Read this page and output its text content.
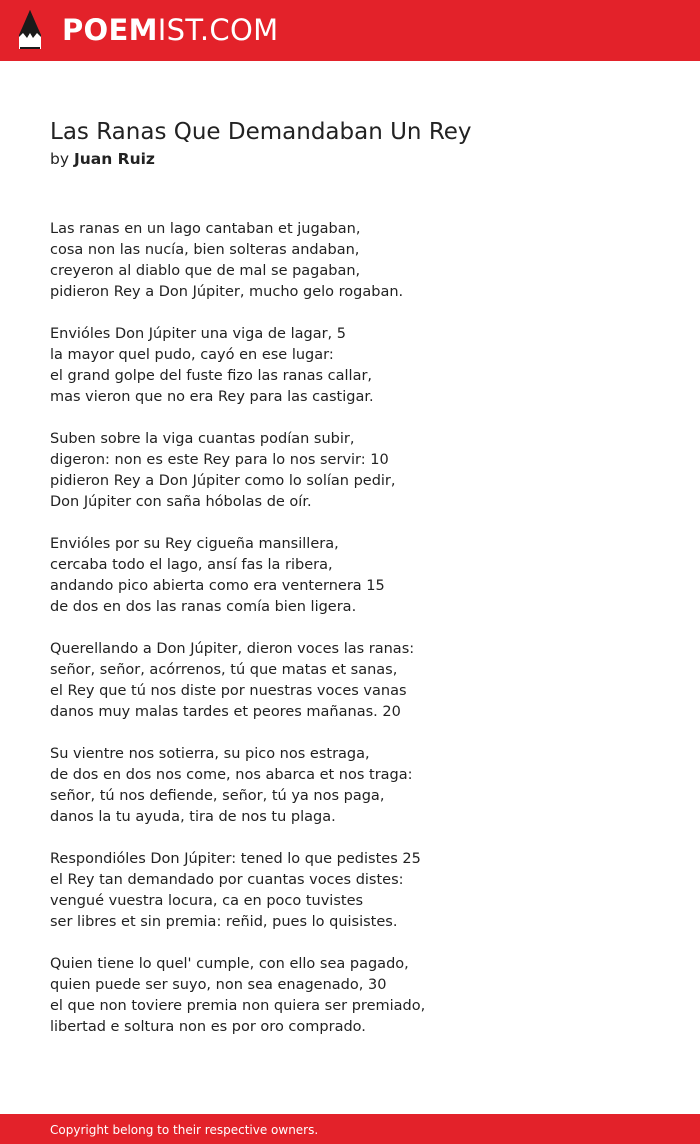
POEMIST.COM
Las Ranas Que Demandaban Un Rey
by Juan Ruiz
Las ranas en un lago cantaban et jugaban,
cosa non las nucía, bien solteras andaban,
creyeron al diablo que de mal se pagaban,
pidieron Rey a Don Júpiter, mucho gelo rogaban.
Envióles Don Júpiter una viga de lagar, 5
la mayor quel pudo, cayó en ese lugar:
el grand golpe del fuste fizo las ranas callar,
mas vieron que no era Rey para las castigar.
Suben sobre la viga cuantas podían subir,
digeron: non es este Rey para lo nos servir: 10
pidieron Rey a Don Júpiter como lo solían pedir,
Don Júpiter con saña hóbolas de oír.
Envióles por su Rey cigueña mansillera,
cercaba todo el lago, ansí fas la ribera,
andando pico abierta como era venternera 15
de dos en dos las ranas comía bien ligera.
Querellando a Don Júpiter, dieron voces las ranas:
señor, señor, acórrenos, tú que matas et sanas,
el Rey que tú nos diste por nuestras voces vanas
danos muy malas tardes et peores mañanas. 20
Su vientre nos sotierra, su pico nos estraga,
de dos en dos nos come, nos abarca et nos traga:
señor, tú nos defiende, señor, tú ya nos paga,
danos la tu ayuda, tira de nos tu plaga.
Respondióles Don Júpiter: tened lo que pedistes 25
el Rey tan demandado por cuantas voces distes:
vengué vuestra locura, ca en poco tuvistes
ser libres et sin premia: reñid, pues lo quisistes.
Quien tiene lo quel' cumple, con ello sea pagado,
quien puede ser suyo, non sea enagenado, 30
el que non toviere premia non quiera ser premiado,
libertad e soltura non es por oro comprado.
Copyright belong to their respective owners.
